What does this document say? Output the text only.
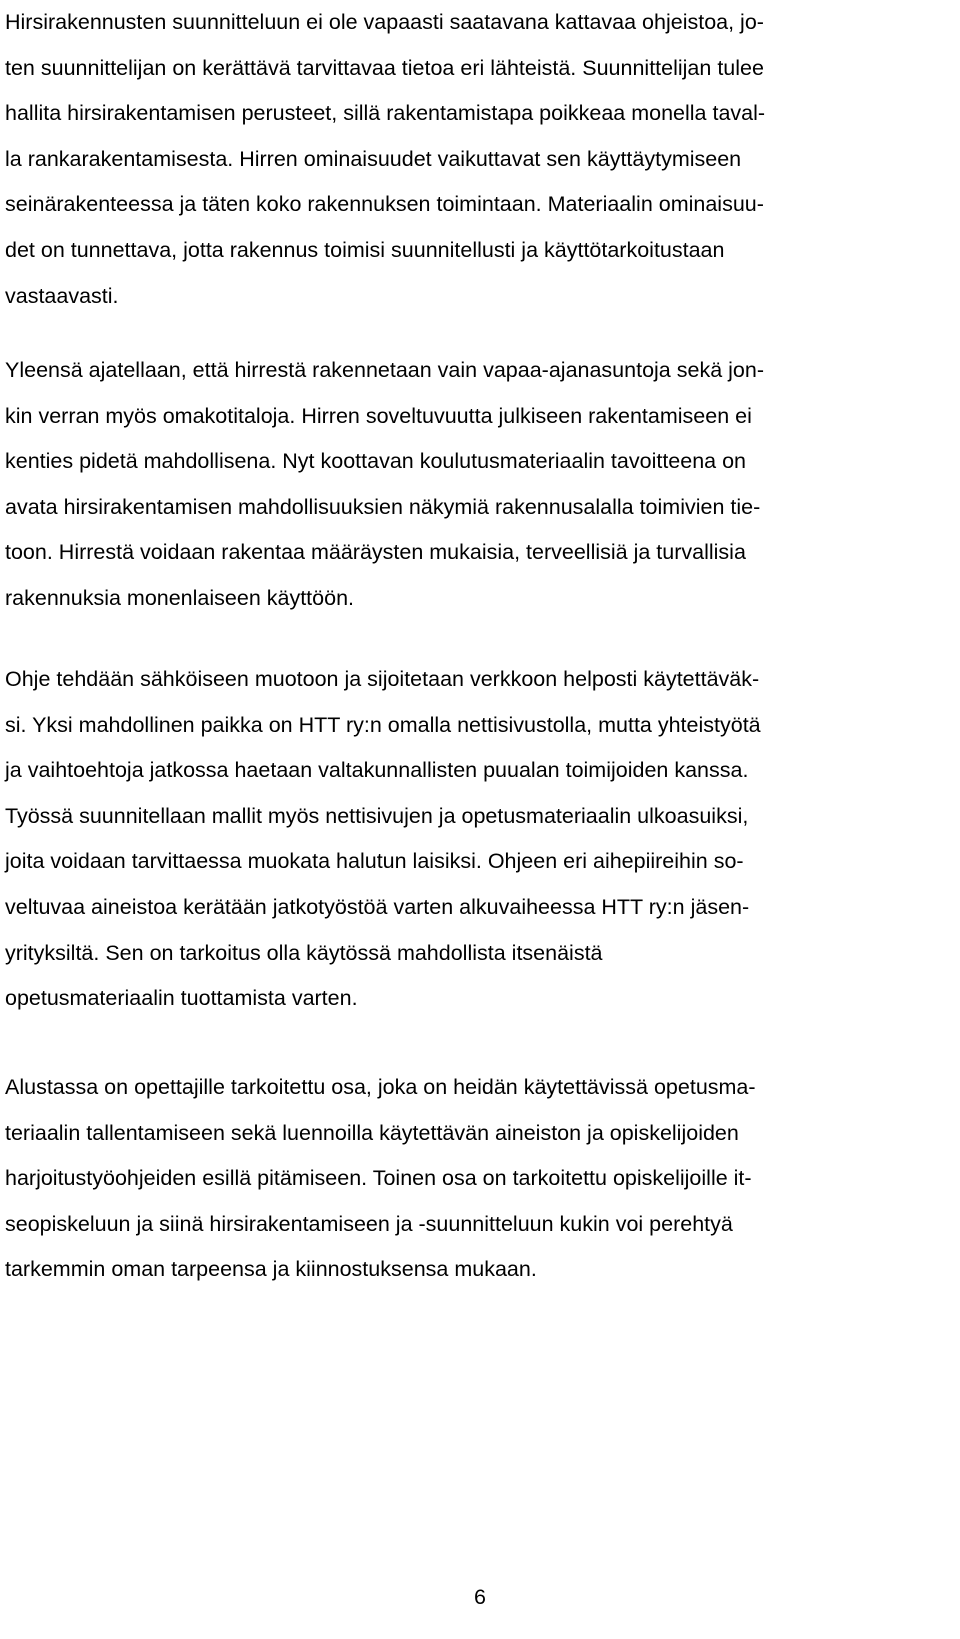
Hirsirakennusten suunnitteluun ei ole vapaasti saatavana kattavaa ohjeistoa, jo-
ten suunnittelijan on kerättävä tarvittavaa tietoa eri lähteistä. Suunnittelijan tulee
hallita hirsirakentamisen perusteet, sillä rakentamistapa poikkeaa monella taval-
la rankarakentamisesta. Hirren ominaisuudet vaikuttavat sen käyttäytymiseen
seinärakenteessa ja täten koko rakennuksen toimintaan. Materiaalin ominaisuu-
det on tunnettava, jotta rakennus toimisi suunnitellusti ja käyttötarkoitustaan
vastaavasti.

Yleensä ajatellaan, että hirrestä rakennetaan vain vapaa-ajanasuntoja sekä jon-
kin verran myös omakotitaloja. Hirren soveltuvuutta julkiseen rakentamiseen ei
kenties pidetä mahdollisena. Nyt koottavan koulutusmateriaalin tavoitteena on
avata hirsirakentamisen mahdollisuuksien näkymiä rakennusalalla toimivien tie-
toon. Hirrestä voidaan rakentaa määräysten mukaisia, terveellisiä ja turvallisia
rakennuksia monenlaiseen käyttöön.

Ohje tehdään sähköiseen muotoon ja sijoitetaan verkkoon helposti käytettäväk-
si. Yksi mahdollinen paikka on HTT ry:n omalla nettisivustolla, mutta yhteistyötä
ja vaihtoehtoja jatkossa haetaan valtakunnallisten puualan toimijoiden kanssa.
Työssä suunnitellaan mallit myös nettisivujen ja opetusmateriaalin ulkoasuiksi,
joita voidaan tarvittaessa muokata halutun laisiksi. Ohjeen eri aihepiireihin so-
veltuvaa aineistoa kerätään jatkotyöstöä varten alkuvaiheessa HTT ry:n jäsen-
yrityksiltä. Sen on tarkoitus olla käytössä mahdollista itsenäistä
opetusmateriaalin tuottamista varten.

Alustassa on opettajille tarkoitettu osa, joka on heidän käytettävissä opetusma-
teriaalin tallentamiseen sekä luennoilla käytettävän aineiston ja opiskelijoiden
harjoitustyöohjeiden esillä pitämiseen. Toinen osa on tarkoitettu opiskelijoille it-
seopiskeluun ja siinä hirsirakentamiseen ja -suunnitteluun kukin voi perehtyä
tarkemmin oman tarpeensa ja kiinnostuksensa mukaan.

6
